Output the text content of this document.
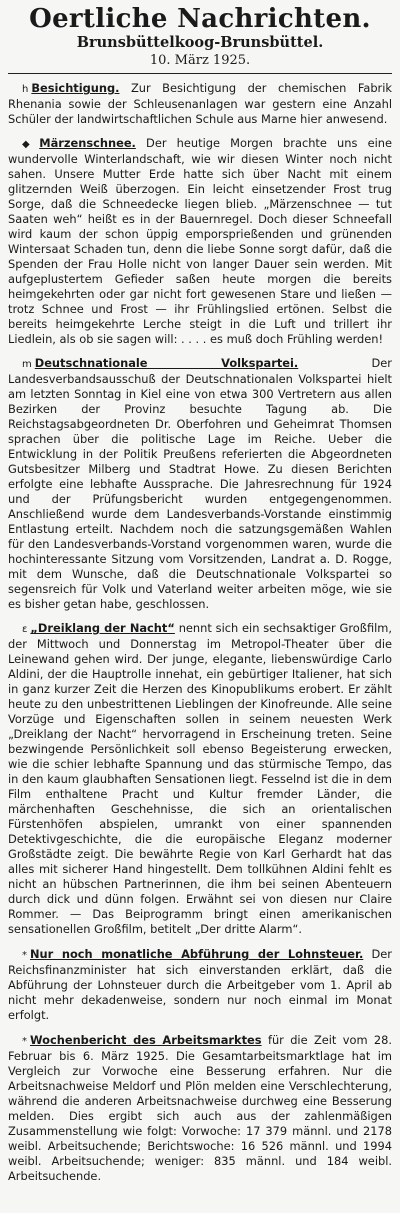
Oertliche Nachrichten.
Brunsbüttelkoog-Brunsbüttel.
10. März 1925.

h Besichtigung. Zur Besichtigung der chemischen Fabrik Rhenania sowie der Schleusenanlagen war gestern eine Anzahl Schüler der landwirtschaftlichen Schule aus Marne hier anwesend.

◆ Märzenschnee. Der heutige Morgen brachte uns eine wundervolle Winterlandschaft, wie wir diesen Winter noch nicht sahen. Unsere Mutter Erde hatte sich über Nacht mit einem glitzernden Weiß überzogen. Ein leicht einsetzender Frost trug Sorge, daß die Schneedecke liegen blieb. „Märzenschnee — tut Saaten weh“ heißt es in der Bauernregel. Doch dieser Schneefall wird kaum der schon üppig emporsprießenden und grünenden Wintersaat Schaden tun, denn die liebe Sonne sorgt dafür, daß die Spenden der Frau Holle nicht von langer Dauer sein werden. Mit aufgeplustertem Gefieder saßen heute morgen die bereits heimgekehrten oder gar nicht fort gewesenen Stare und ließen — trotz Schnee und Frost — ihr Frühlingslied ertönen. Selbst die bereits heimgekehrte Lerche steigt in die Luft und trillert ihr Liedlein, als ob sie sagen will: . . . . es muß doch Frühling werden!

m Deutschnationale Volkspartei.	Der Landesverbandsausschuß der Deutschnationalen Volkspartei hielt am letzten Sonntag in Kiel eine von etwa 300 Vertretern aus allen Bezirken der Provinz besuchte Tagung ab. Die Reichstagsabgeordneten Dr. Oberfohren und Geheimrat Thomsen sprachen über die politische Lage im Reiche. Ueber die Entwicklung in der Politik Preußens referierten die Abgeordneten Gutsbesitzer Milberg und Stadtrat Howe. Zu diesen Berichten erfolgte eine lebhafte Aussprache. Die Jahresrechnung für 1924 und der Prüfungsbericht wurden entgegengenommen. Anschließend wurde dem Landesverbands-Vorstande einstimmig Entlastung erteilt. Nachdem noch die satzungsgemäßen Wahlen für den Landesverbands-Vorstand vorgenommen waren, wurde die hochinteressante Sitzung vom Vorsitzenden, Landrat a. D. Rogge, mit dem Wunsche, daß die Deutschnationale Volkspartei so segensreich für Volk und Vaterland weiter arbeiten möge, wie sie es bisher getan habe, geschlossen.

ɛ „Dreiklang der Nacht“ nennt sich ein sechsaktiger Großfilm, der Mittwoch und Donnerstag im Metropol-Theater über die Leinewand gehen wird. Der junge, elegante, liebenswürdige Carlo Aldini, der die Hauptrolle innehat, ein gebürtiger Italiener, hat sich in ganz kurzer Zeit die Herzen des Kinopublikums erobert. Er zählt heute zu den unbestrittenen Lieblingen der Kinofreunde. Alle seine Vorzüge und Eigenschaften sollen in seinem neuesten Werk „Dreiklang der Nacht“ hervorragend in Erscheinung treten. Seine bezwingende Persönlichkeit soll ebenso Begeisterung erwecken, wie die schier lebhafte Spannung und das stürmische Tempo, das in den kaum glaubhaften Sensationen liegt. Fesselnd ist die in dem Film enthaltene Pracht und Kultur fremder Länder, die märchenhaften Geschehnisse, die sich an orientalischen Fürstenhöfen abspielen, umrankt von einer spannenden Detektivgeschichte, die die europäische Eleganz moderner Großstädte zeigt. Die bewährte Regie von Karl Gerhardt hat das alles mit sicherer Hand hingestellt. Dem tollkühnen Aldini fehlt es nicht an hübschen Partnerinnen, die ihm bei seinen Abenteuern durch dick und dünn folgen. Erwähnt sei von diesen nur Claire Rommer. — Das Beiprogramm bringt einen amerikanischen sensationellen Großfilm, betitelt „Der dritte Alarm“.

* Nur noch monatliche Abführung der Lohnsteuer. Der Reichsfinanzminister hat sich einverstanden erklärt, daß die Abführung der Lohnsteuer durch die Arbeitgeber vom 1. April ab nicht mehr dekadenweise, sondern nur noch einmal im Monat erfolgt.

* Wochenbericht des Arbeitsmarktes für die Zeit vom 28. Februar bis 6. März 1925. Die Gesamtarbeitsmarktlage hat im Vergleich zur Vorwoche eine Besserung erfahren. Nur die Arbeitsnachweise Meldorf und Plön melden eine Verschlechterung, während die anderen Arbeitsnachweise durchweg eine Besserung melden. Dies ergibt sich auch aus der zahlenmäßigen Zusammenstellung wie folgt: Vorwoche: 17 379 männl. und 2178 weibl. Arbeitsuchende; Berichtswoche: 16 526 männl. und 1994 weibl. Arbeitsuchende; weniger: 835 männl. und 184 weibl. Arbeitsuchende.
